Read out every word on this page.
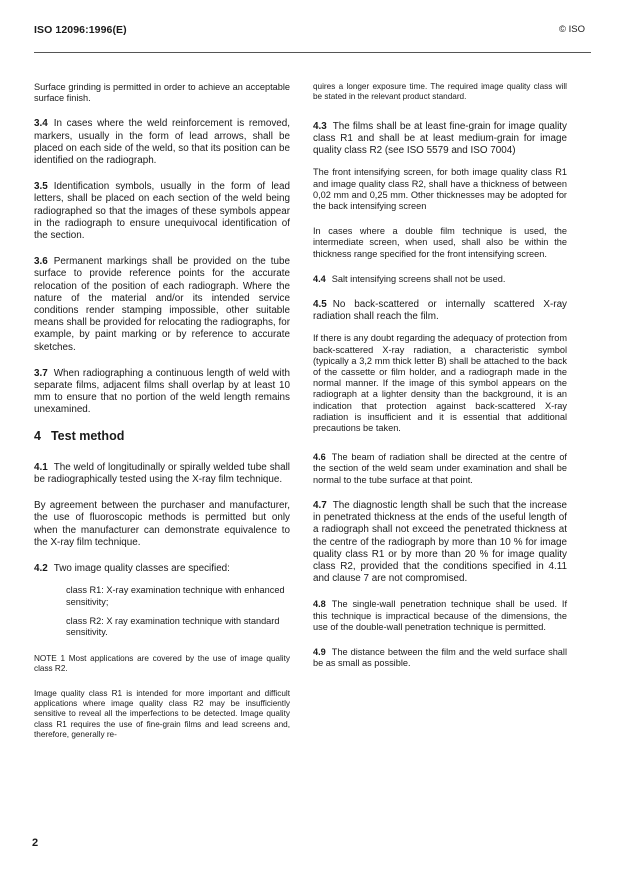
ISO 12096:1996(E)	© ISO

Surface grinding is permitted in order to achieve an acceptable surface finish.

3.4 In cases where the weld reinforcement is removed, markers, usually in the form of lead arrows, shall be placed on each side of the weld, so that its position can be identified on the radiograph.

3.5 Identification symbols, usually in the form of lead letters, shall be placed on each section of the weld being radiographed so that the images of these symbols appear in the radiograph to ensure unequivocal identification of the section.

3.6 Permanent markings shall be provided on the tube surface to provide reference points for the accurate relocation of the position of each radiograph. Where the nature of the material and/or its intended service conditions render stamping impossible, other suitable means shall be provided for relocating the radiographs, for example, by paint marking or by reference to accurate sketches.

3.7 When radiographing a continuous length of weld with separate films, adjacent films shall overlap by at least 10 mm to ensure that no portion of the weld length remains unexamined.

4 Test method

4.1 The weld of longitudinally or spirally welded tube shall be radiographically tested using the X-ray film technique.

By agreement between the purchaser and manufacturer, the use of fluoroscopic methods is permitted but only when the manufacturer can demonstrate equivalence to the X-ray film technique.

4.2 Two image quality classes are specified:

class R1: X-ray examination technique with enhanced sensitivity;
class R2: X ray examination technique with standard sensitivity.

NOTE 1 Most applications are covered by the use of image quality class R2.

Image quality class R1 is intended for more important and difficult applications where image quality class R2 may be insufficiently sensitive to reveal all the imperfections to be detected. Image quality class R1 requires the use of fine-grain films and lead screens and, therefore, generally re-

quires a longer exposure time. The required image quality class will be stated in the relevant product standard.

4.3 The films shall be at least fine-grain for image quality class R1 and shall be at least medium-grain for image quality class R2 (see ISO 5579 and ISO 7004)

The front intensifying screen, for both image quality class R1 and image quality class R2, shall have a thickness of between 0,02 mm and 0,25 mm. Other thicknesses may be adopted for the back intensifying screen

In cases where a double film technique is used, the intermediate screen, when used, shall also be within the thickness range specified for the front intensifying screen.

4.4 Salt intensifying screens shall not be used.

4.5 No back-scattered or internally scattered X-ray radiation shall reach the film.

If there is any doubt regarding the adequacy of protection from back-scattered X-ray radiation, a characteristic symbol (typically a 3,2 mm thick letter B) shall be attached to the back of the cassette or film holder, and a radiograph made in the normal manner. If the image of this symbol appears on the radiograph at a lighter density than the background, it is an indication that protection against back-scattered X-ray radiation is insufficient and it is essential that additional precautions be taken.

4.6 The beam of radiation shall be directed at the centre of the section of the weld seam under examination and shall be normal to the tube surface at that point.

4.7 The diagnostic length shall be such that the increase in penetrated thickness at the ends of the useful length of a radiograph shall not exceed the penetrated thickness at the centre of the radiograph by more than 10 % for image quality class R1 or by more than 20 % for image quality class R2, provided that the conditions specified in 4.11 and clause 7 are not compromised.

4.8 The single-wall penetration technique shall be used. If this technique is impractical because of the dimensions, the use of the double-wall penetration technique is permitted.

4.9 The distance between the film and the weld surface shall be as small as possible.

2
